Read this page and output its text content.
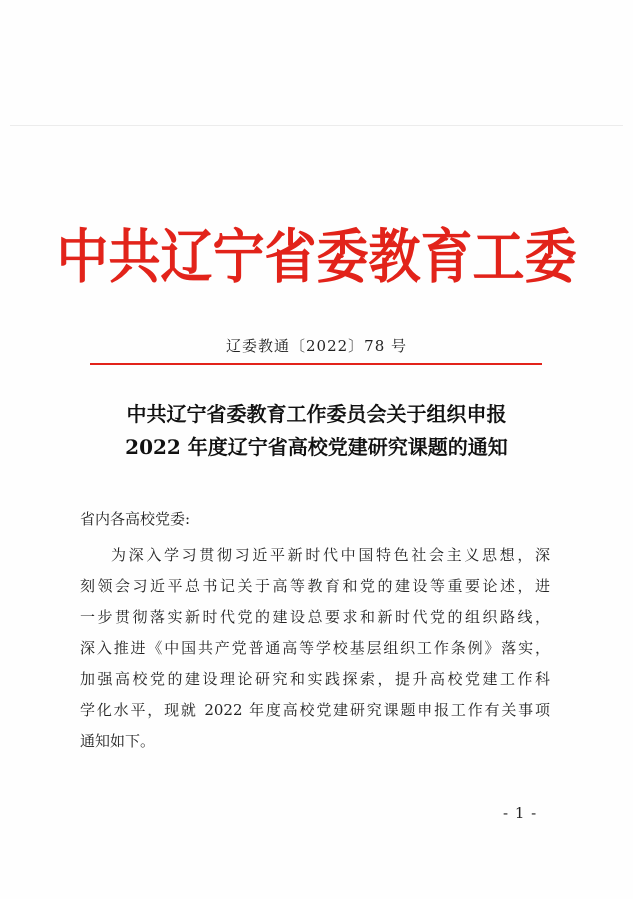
中共辽宁省委教育工委
辽委教通〔2022〕78 号
中共辽宁省委教育工作委员会关于组织申报
2022 年度辽宁省高校党建研究课题的通知
省内各高校党委:
为深入学习贯彻习近平新时代中国特色社会主义思想，深
刻领会习近平总书记关于高等教育和党的建设等重要论述，进
一步贯彻落实新时代党的建设总要求和新时代党的组织路线，
深入推进《中国共产党普通高等学校基层组织工作条例》落实，
加强高校党的建设理论研究和实践探索，提升高校党建工作科
学化水平，现就 2022 年度高校党建研究课题申报工作有关事项
通知如下。
- 1 -
